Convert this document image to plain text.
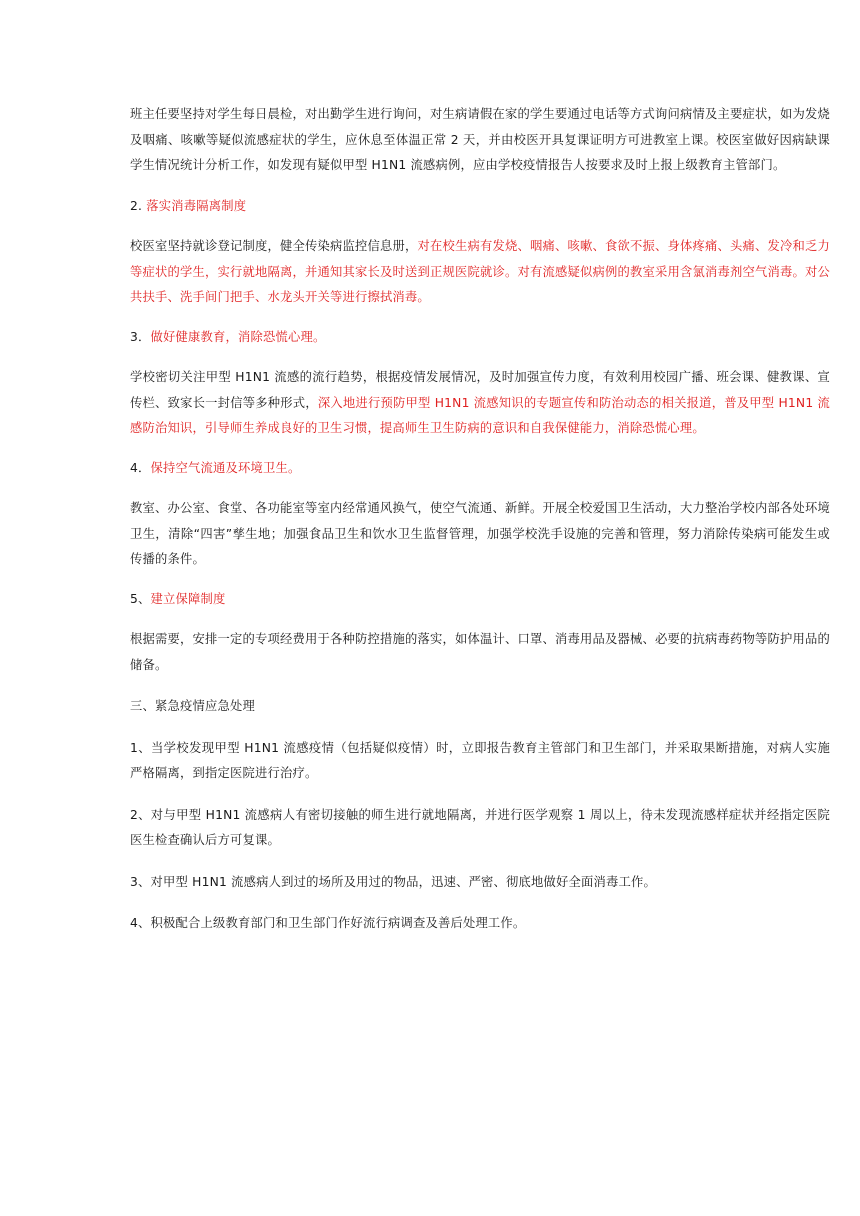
班主任要坚持对学生每日晨检，对出勤学生进行询问，对生病请假在家的学生要通过电话等方式询问病情及主要症状，如为发烧及咽痛、咳嗽等疑似流感症状的学生，应休息至体温正常 2 天，并由校医开具复课证明方可进教室上课。校医室做好因病缺课学生情况统计分析工作，如发现有疑似甲型 H1N1 流感病例，应由学校疫情报告人按要求及时上报上级教育主管部门。

2. 落实消毒隔离制度

校医室坚持就诊登记制度，健全传染病监控信息册，对在校生病有发烧、咽痛、咳嗽、食欲不振、身体疼痛、头痛、发冷和乏力等症状的学生，实行就地隔离，并通知其家长及时送到正规医院就诊。对有流感疑似病例的教室采用含氯消毒剂空气消毒。对公共扶手、洗手间门把手、水龙头开关等进行擦拭消毒。

3．做好健康教育，消除恐慌心理。

学校密切关注甲型 H1N1 流感的流行趋势，根据疫情发展情况，及时加强宣传力度，有效利用校园广播、班会课、健教课、宣传栏、致家长一封信等多种形式，深入地进行预防甲型 H1N1 流感知识的专题宣传和防治动态的相关报道，普及甲型 H1N1 流感防治知识，引导师生养成良好的卫生习惯，提高师生卫生防病的意识和自我保健能力，消除恐慌心理。

4．保持空气流通及环境卫生。

教室、办公室、食堂、各功能室等室内经常通风换气，使空气流通、新鲜。开展全校爱国卫生活动，大力整治学校内部各处环境卫生，清除“四害”孳生地；加强食品卫生和饮水卫生监督管理，加强学校洗手设施的完善和管理，努力消除传染病可能发生或传播的条件。

5、建立保障制度

根据需要，安排一定的专项经费用于各种防控措施的落实，如体温计、口罩、消毒用品及器械、必要的抗病毒药物等防护用品的储备。

三、紧急疫情应急处理

1、当学校发现甲型 H1N1 流感疫情（包括疑似疫情）时，立即报告教育主管部门和卫生部门，并采取果断措施，对病人实施严格隔离，到指定医院进行治疗。

2、对与甲型 H1N1 流感病人有密切接触的师生进行就地隔离，并进行医学观察 1 周以上，待未发现流感样症状并经指定医院医生检查确认后方可复课。

3、对甲型 H1N1 流感病人到过的场所及用过的物品，迅速、严密、彻底地做好全面消毒工作。

4、积极配合上级教育部门和卫生部门作好流行病调查及善后处理工作。
